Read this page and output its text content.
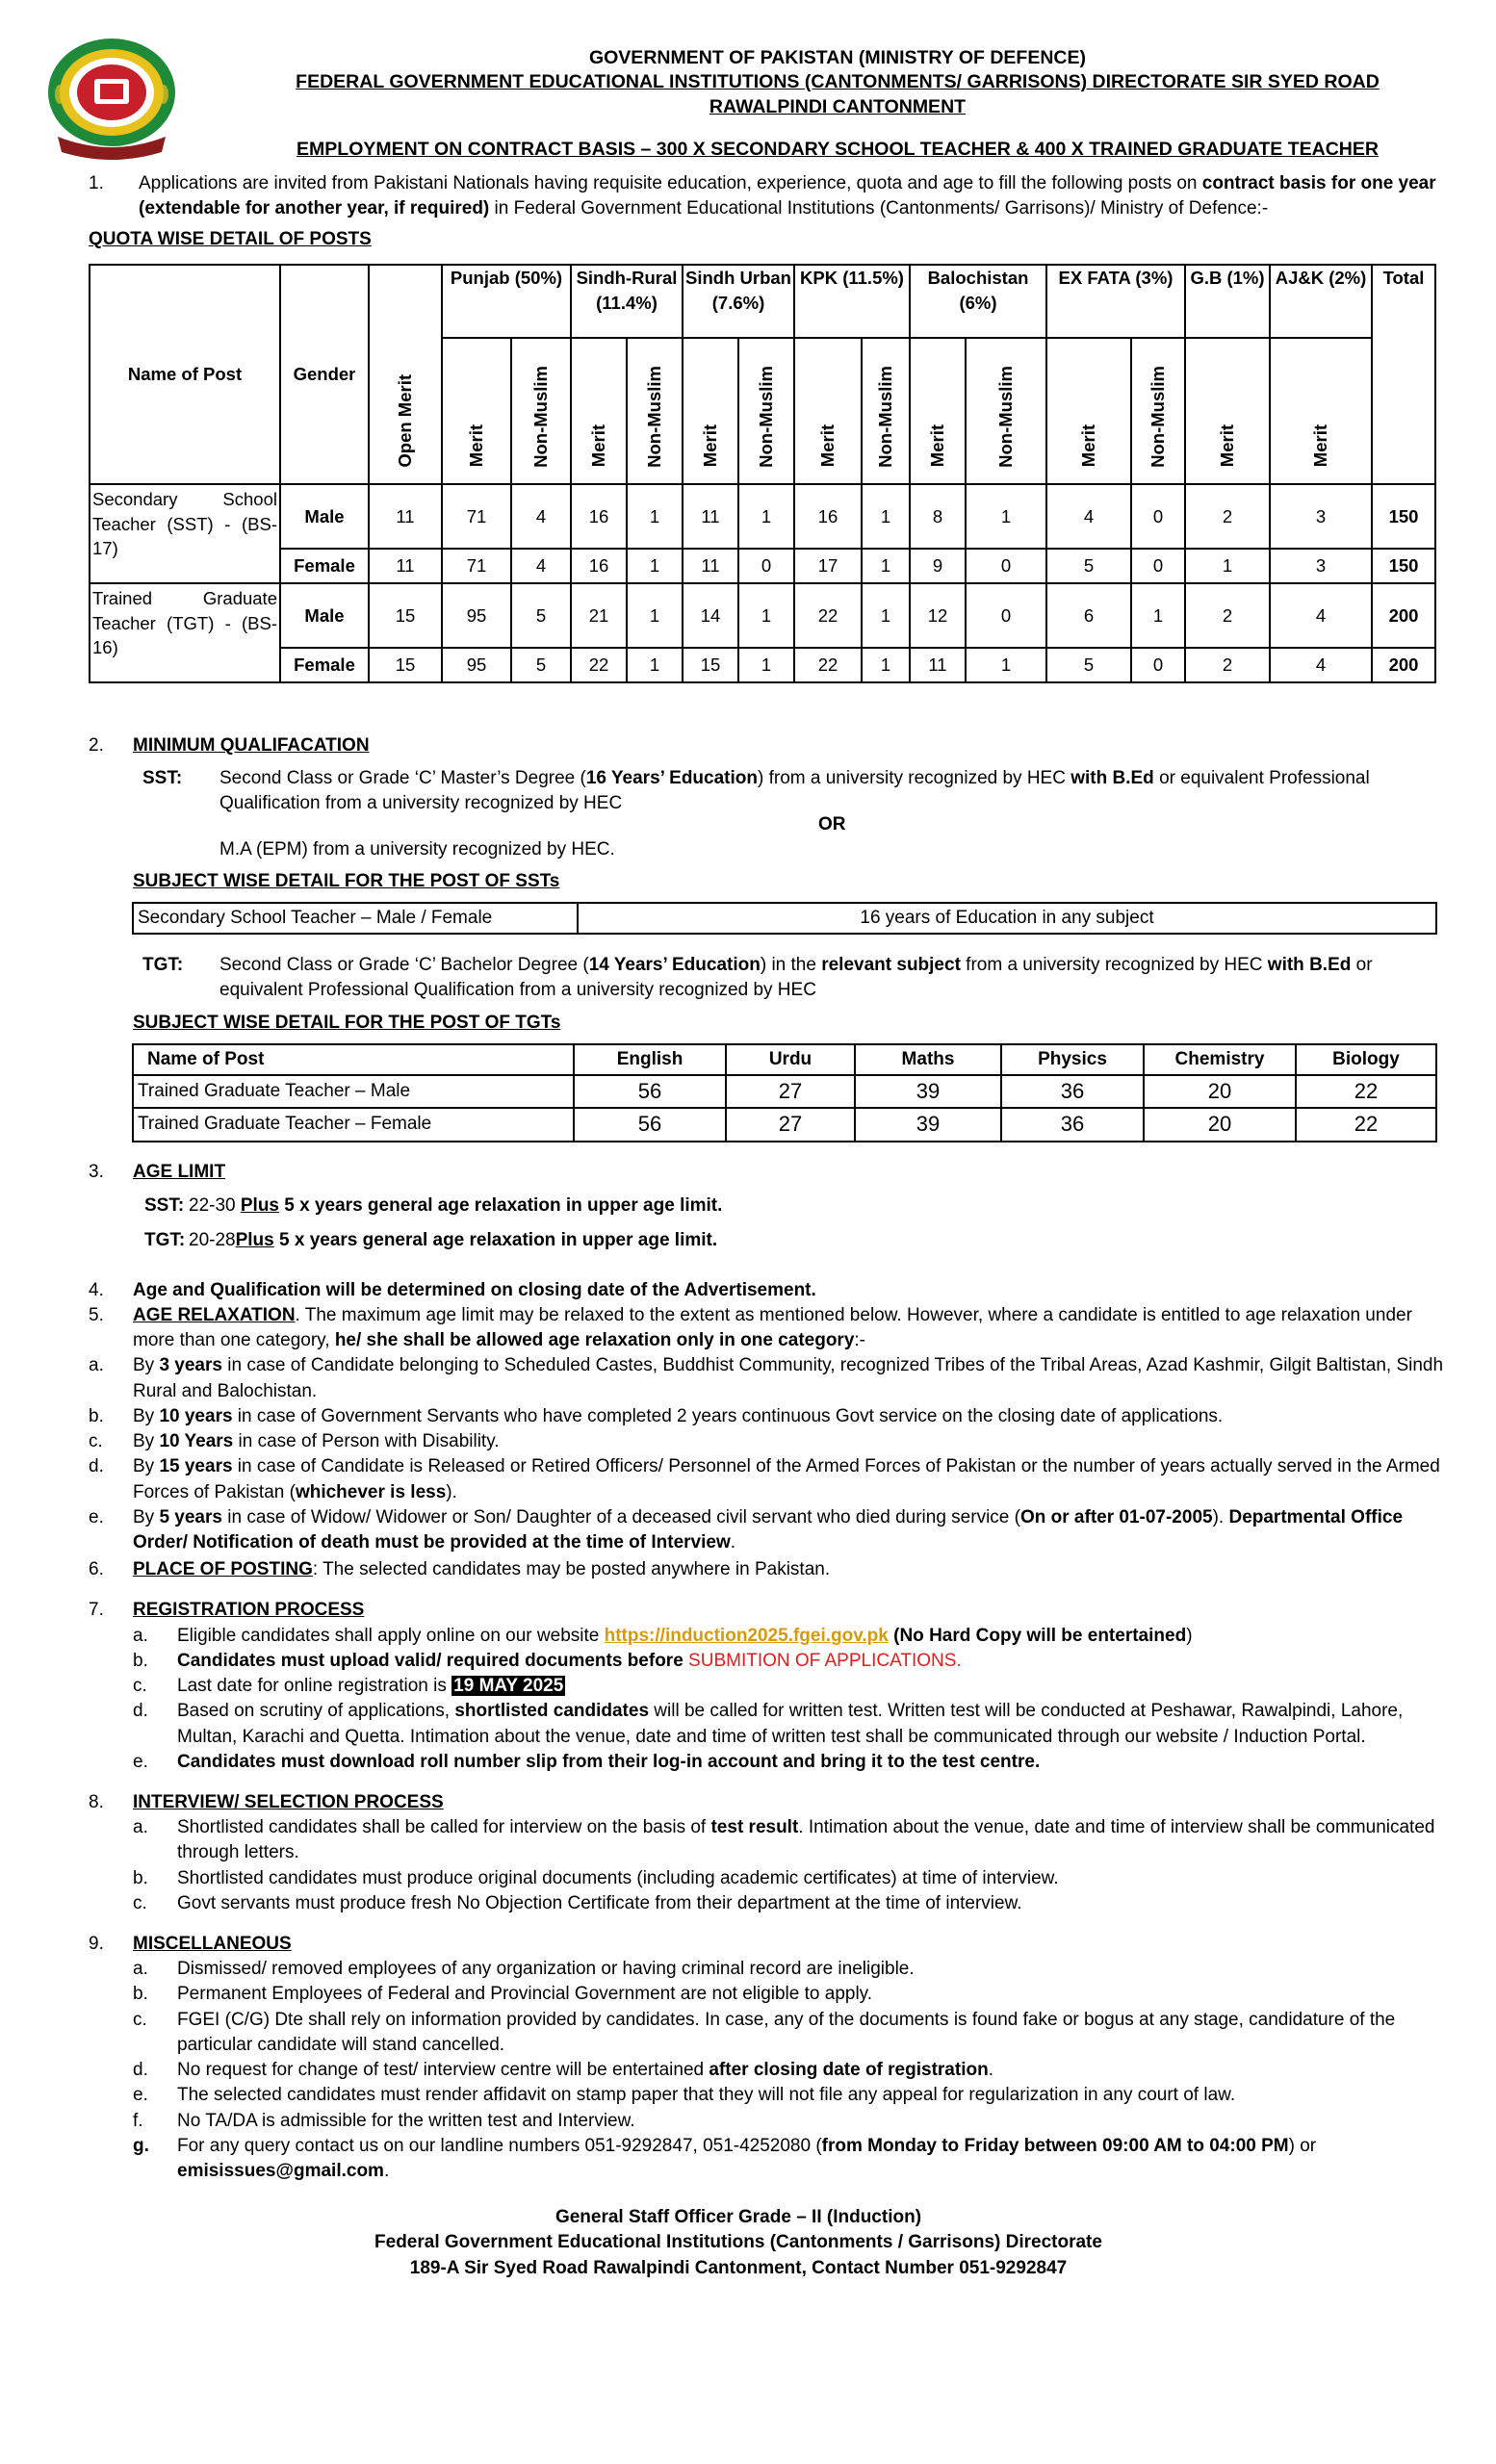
GOVERNMENT OF PAKISTAN (MINISTRY OF DEFENCE)
FEDERAL GOVERNMENT EDUCATIONAL INSTITUTIONS (CANTONMENTS/ GARRISONS) DIRECTORATE SIR SYED ROAD
RAWALPINDI CANTONMENT
EMPLOYMENT ON CONTRACT BASIS – 300 X SECONDARY SCHOOL TEACHER & 400 X TRAINED GRADUATE TEACHER
1.	Applications are invited from Pakistani Nationals having requisite education, experience, quota and age to fill the following posts on contract basis for one year (extendable for another year, if required) in Federal Government Educational Institutions (Cantonments/ Garrisons)/ Ministry of Defence:-
QUOTA WISE DETAIL OF POSTS
Name of Post	Gender	Open Merit	Punjab (50%)		Sindh-Rural (11.4%)		Sindh Urban (7.6%)		KPK (11.5%)		Balochistan (6%)		EX FATA (3%)		G.B (1%)	AJ&K (2%)	Total
			Merit	Non-Muslim	Merit	Non-Muslim	Merit	Non-Muslim	Merit	Non-Muslim	Merit	Non-Muslim	Merit	Non-Muslim	Merit	Merit	
Secondary School Teacher (SST) - (BS-17)	Male	11	71	4	16	1	11	1	16	1	8	1	4	0	2	3	150
	Female	11	71	4	16	1	11	0	17	1	9	0	5	0	1	3	150
Trained Graduate Teacher (TGT) - (BS-16)	Male	15	95	5	21	1	14	1	22	1	12	0	6	1	2	4	200
	Female	15	95	5	22	1	15	1	22	1	11	1	5	0	2	4	200
2. MINIMUM QUALIFACATION
SST:	Second Class or Grade ‘C’ Master’s Degree (16 Years’ Education) from a university recognized by HEC with B.Ed or equivalent Professional Qualification from a university recognized by HEC
OR
M.A (EPM) from a university recognized by HEC.
SUBJECT WISE DETAIL FOR THE POST OF SSTs
Secondary School Teacher – Male / Female	16 years of Education in any subject
TGT:	Second Class or Grade ‘C’ Bachelor Degree (14 Years’ Education) in the relevant subject from a university recognized by HEC with B.Ed or equivalent Professional Qualification from a university recognized by HEC
SUBJECT WISE DETAIL FOR THE POST OF TGTs
Name of Post	English	Urdu	Maths	Physics	Chemistry	Biology
Trained Graduate Teacher – Male	56	27	39	36	20	22
Trained Graduate Teacher – Female	56	27	39	36	20	22
3. AGE LIMIT
SST: 22-30 Plus 5 x years general age relaxation in upper age limit.
TGT: 20-28Plus 5 x years general age relaxation in upper age limit.
4. Age and Qualification will be determined on closing date of the Advertisement.
5.	AGE RELAXATION. The maximum age limit may be relaxed to the extent as mentioned below. However, where a candidate is entitled to age relaxation under more than one category, he/ she shall be allowed age relaxation only in one category:-
a. By 3 years in case of Candidate belonging to Scheduled Castes, Buddhist Community, recognized Tribes of the Tribal Areas, Azad Kashmir, Gilgit Baltistan, Sindh Rural and Balochistan.
b. By 10 years in case of Government Servants who have completed 2 years continuous Govt service on the closing date of applications.
c. By 10 Years in case of Person with Disability.
d. By 15 years in case of Candidate is Released or Retired Officers/ Personnel of the Armed Forces of Pakistan or the number of years actually served in the Armed Forces of Pakistan (whichever is less).
e. By 5 years in case of Widow/ Widower or Son/ Daughter of a deceased civil servant who died during service (On or after 01-07-2005). Departmental Office Order/ Notification of death must be provided at the time of Interview.
6.	PLACE OF POSTING: The selected candidates may be posted anywhere in Pakistan.
7.	REGISTRATION PROCESS
a. Eligible candidates shall apply online on our website https://induction2025.fgei.gov.pk (No Hard Copy will be entertained)
b. Candidates must upload valid/ required documents before SUBMITION OF APPLICATIONS.
c. Last date for online registration is 19 MAY 2025
d. Based on scrutiny of applications, shortlisted candidates will be called for written test. Written test will be conducted at Peshawar, Rawalpindi, Lahore, Multan, Karachi and Quetta. Intimation about the venue, date and time of written test shall be communicated through our website / Induction Portal.
e. Candidates must download roll number slip from their log-in account and bring it to the test centre.
8.	INTERVIEW/ SELECTION PROCESS
a. Shortlisted candidates shall be called for interview on the basis of test result. Intimation about the venue, date and time of interview shall be communicated through letters.
b. Shortlisted candidates must produce original documents (including academic certificates) at time of interview.
c. Govt servants must produce fresh No Objection Certificate from their department at the time of interview.
9.	MISCELLANEOUS
a. Dismissed/ removed employees of any organization or having criminal record are ineligible.
b. Permanent Employees of Federal and Provincial Government are not eligible to apply.
c. FGEI (C/G) Dte shall rely on information provided by candidates. In case, any of the documents is found fake or bogus at any stage, candidature of the particular candidate will stand cancelled.
d. No request for change of test/ interview centre will be entertained after closing date of registration.
e. The selected candidates must render affidavit on stamp paper that they will not file any appeal for regularization in any court of law.
f. No TA/DA is admissible for the written test and Interview.
g. For any query contact us on our landline numbers 051-9292847, 051-4252080 (from Monday to Friday between 09:00 AM to 04:00 PM) or emisissues@gmail.com.
General Staff Officer Grade – II (Induction)
Federal Government Educational Institutions (Cantonments / Garrisons) Directorate
189-A Sir Syed Road Rawalpindi Cantonment, Contact Number 051-9292847
